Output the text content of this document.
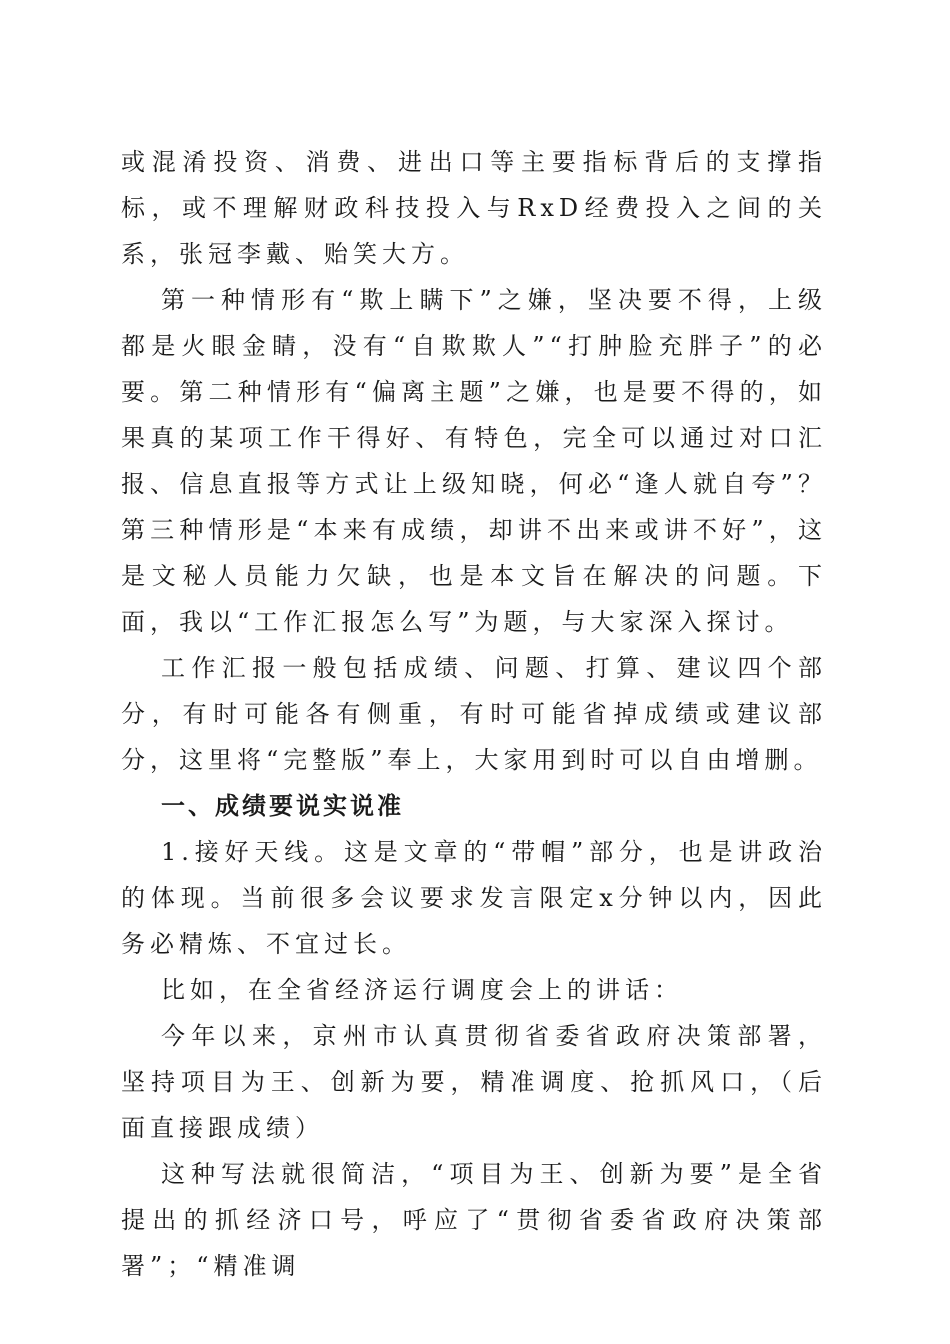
或混淆投资、消费、进出口等主要指标背后的支撑指标，或不理解财政科技投入与RxD经费投入之间的关系，张冠李戴、贻笑大方。

第一种情形有“欺上瞒下”之嫌，坚决要不得，上级都是火眼金睛，没有“自欺欺人”“打肿脸充胖子”的必要。第二种情形有“偏离主题”之嫌，也是要不得的，如果真的某项工作干得好、有特色，完全可以通过对口汇报、信息直报等方式让上级知晓，何必“逢人就自夸”？第三种情形是“本来有成绩，却讲不出来或讲不好”，这是文秘人员能力欠缺，也是本文旨在解决的问题。下面，我以“工作汇报怎么写”为题，与大家深入探讨。

工作汇报一般包括成绩、问题、打算、建议四个部分，有时可能各有侧重，有时可能省掉成绩或建议部分，这里将“完整版”奉上，大家用到时可以自由增删。

一、成绩要说实说准

1.接好天线。这是文章的“带帽”部分，也是讲政治的体现。当前很多会议要求发言限定x分钟以内，因此务必精炼、不宜过长。

比如，在全省经济运行调度会上的讲话：

今年以来，京州市认真贯彻省委省政府决策部署，坚持项目为王、创新为要，精准调度、抢抓风口，（后面直接跟成绩）

这种写法就很简洁，“项目为王、创新为要”是全省提出的抓经济口号，呼应了“贯彻省委省政府决策部署”；“精准调
